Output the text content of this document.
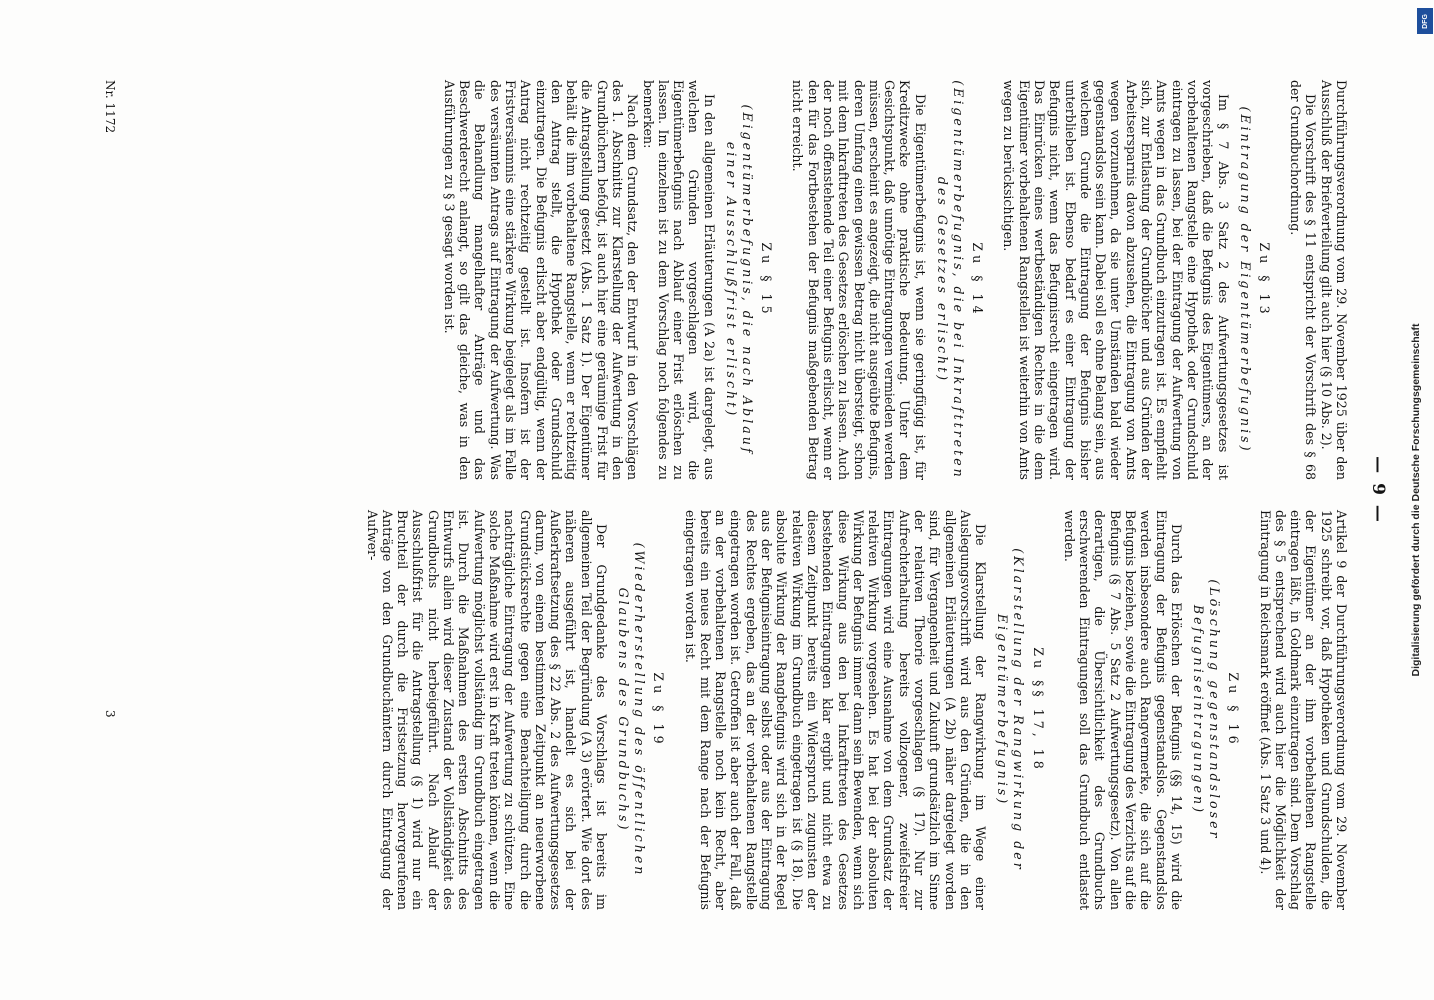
— 9 —

Durchführungsverordnung vom 29. November 1925 über den Ausschluß der Briefverteilung gilt auch hier (§ 10 Abs. 2).

Die Vorschrift des § 11 entspricht der Vorschrift des § 68 der Grundbuchordnung.

Zu § 13
(Eintragung der Eigentümerbefugnis)

Im § 7 Abs. 3 Satz 2 des Aufwertungsgesetzes ist vorgeschrieben, daß die Befugnis des Eigentümers, an der vorbehaltenen Rangstelle eine Hypothek oder Grundschuld eintragen zu lassen, bei der Eintragung der Aufwertung von Amts wegen in das Grundbuch einzutragen ist. Es empfiehlt sich, zur Entlastung der Grundbücher und aus Gründen der Arbeitsersparnis davon abzusehen, die Eintragung von Amts wegen vorzunehmen, da sie unter Umständen bald wieder gegenstandslos sein kann. Dabei soll es ohne Belang sein, aus welchem Grunde die Eintragung der Befugnis bisher unterblieben ist. Ebenso bedarf es einer Eintragung der Befugnis nicht, wenn das Befugnisrecht eingetragen wird. Das Einrücken eines wertbeständigen Rechtes in die dem Eigentümer vorbehaltenen Rangstellen ist weiterhin von Amts wegen zu berücksichtigen.

Zu § 14
(Eigentümerbefugnis, die bei Inkrafttreten des Gesetzes erlischt)

Die Eigentümerbefugnis ist, wenn sie geringfügig ist, für Kreditzwecke ohne praktische Bedeutung. Unter dem Gesichtspunkt, daß unnötige Eintragungen vermieden werden müssen, erscheint es angezeigt, die nicht ausgeübte Befugnis, deren Umfang einen gewissen Betrag nicht übersteigt, schon mit dem Inkrafttreten des Gesetzes erlöschen zu lassen. Auch der noch offenstehende Teil einer Befugnis erlischt, wenn er den für das Fortbestehen der Befugnis maßgebenden Betrag nicht erreicht.

Zu § 15
(Eigentümerbefugnis, die nach Ablauf einer Ausschlußfrist erlischt)

In den allgemeinen Erläuterungen (A 2a) ist dargelegt, aus welchen Gründen vorgeschlagen wird, die Eigentümerbefugnis nach Ablauf einer Frist erlöschen zu lassen. Im einzelnen ist zu dem Vorschlag noch folgendes zu bemerken:

Nach dem Grundsatz, den der Entwurf in den Vorschlägen des 1. Abschnitts zur Klarstellung der Aufwertung in den Grundbüchern befolgt, ist auch hier eine geräumige Frist für die Antragstellung gesetzt (Abs. 1 Satz 1). Der Eigentümer behält die ihm vorbehaltene Rangstelle, wenn er rechtzeitig den Antrag stellt, die Hypothek oder Grundschuld einzutragen. Die Befugnis erlischt aber endgültig, wenn der Antrag nicht rechtzeitig gestellt ist. Insofern ist der Fristversäumnis eine stärkere Wirkung beigelegt als im Falle des versäumten Antrags auf Eintragung der Aufwertung. Was die Behandlung mangelhafter Anträge und das Beschwerderecht anlangt, so gilt das gleiche, was in den Ausführungen zu § 3 gesagt worden ist.

Artikel 9 der Durchführungsverordnung vom 29. November 1925 schreibt vor, daß Hypotheken und Grundschulden, die der Eigentümer an der ihm vorbehaltenen Rangstelle eintragen läßt, in Goldmark einzutragen sind. Dem Vorschlag des § 5 entsprechend wird auch hier die Möglichkeit der Eintragung in Reichsmark eröffnet (Abs. 1 Satz 3 und 4).

Zu § 16
(Löschung gegenstandsloser Befugniseintragungen)

Durch das Erlöschen der Befugnis (§§ 14, 15) wird die Eintragung der Befugnis gegenstandslos. Gegenstandslos werden insbesondere auch Rangvermerke, die sich auf die Befugnis beziehen, sowie die Eintragung des Verzichts auf die Befugnis (§ 7 Abs. 5 Satz 2 Aufwertungsgesetz). Von allen derartigen, die Übersichtlichkeit des Grundbuchs erschwerenden Eintragungen soll das Grundbuch entlastet werden.

Zu §§ 17, 18
(Klarstellung der Rangwirkung der Eigentümerbefugnis)

Die Klarstellung der Rangwirkung im Wege einer Auslegungsvorschrift wird aus den Gründen, die in den allgemeinen Erläuterungen (A 2b) näher dargelegt worden sind, für Vergangenheit und Zukunft grundsätzlich im Sinne der relativen Theorie vorgeschlagen (§ 17). Nur zur Aufrechterhaltung bereits vollzogener, zweifelsfreier Eintragungen wird eine Ausnahme von dem Grundsatz der relativen Wirkung vorgesehen. Es hat bei der absoluten Wirkung der Befugnis immer dann sein Bewenden, wenn sich diese Wirkung aus den bei Inkrafttreten des Gesetzes bestehenden Eintragungen klar ergibt und nicht etwa zu diesem Zeitpunkt bereits ein Widerspruch zugunsten der relativen Wirkung im Grundbuch eingetragen ist (§ 18). Die absolute Wirkung der Rangbefugnis wird sich in der Regel aus der Befugniseintragung selbst oder aus der Eintragung des Rechtes ergeben, das an der vorbehaltenen Rangstelle eingetragen worden ist. Getroffen ist aber auch der Fall, daß an der vorbehaltenen Rangstelle noch kein Recht, aber bereits ein neues Recht mit dem Range nach der Befugnis eingetragen worden ist.

Zu § 19
(Wiederherstellung des öffentlichen Glaubens des Grundbuchs)

Der Grundgedanke des Vorschlags ist bereits im allgemeinen Teil der Begründung (A 3) erörtert. Wie dort des näheren ausgeführt ist, handelt es sich bei der Außerkraftsetzung des § 22 Abs. 2 des Aufwertungsgesetzes darum, von einem bestimmten Zeitpunkt an neuerworbene Grundstücksrechte gegen eine Benachteiligung durch die nachträgliche Eintragung der Aufwertung zu schützen. Eine solche Maßnahme wird erst in Kraft treten können, wenn die Aufwertung möglichst vollständig im Grundbuch eingetragen ist. Durch die Maßnahmen des ersten Abschnitts des Entwurfs allein wird dieser Zustand der Vollständigkeit des Grundbuchs nicht herbeigeführt. Nach Ablauf der Ausschlußfrist für die Antragstellung (§ 1) wird nur ein Bruchteil der durch die Fristsetzung hervorgerufenen Anträge von den Grundbuchämtern durch Eintragung der Aufwer-

Nr. 1172
3
DFG
Digitalisierung gefördert durch die Deutsche Forschungsgemeinschaft
